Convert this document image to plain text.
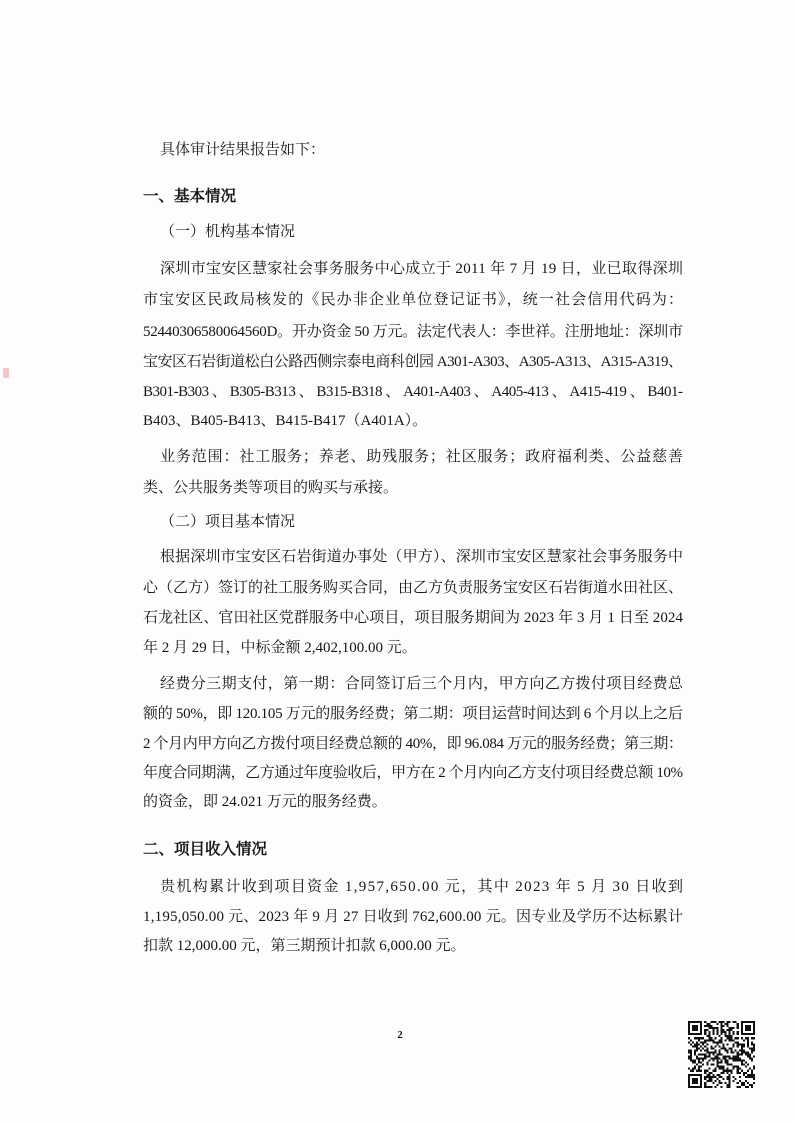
具体审计结果报告如下：
一、基本情况
（一）机构基本情况
深圳市宝安区慧家社会事务服务中心成立于 2011 年 7 月 19 日，业已取得深圳
市宝安区民政局核发的《民办非企业单位登记证书》，统一社会信用代码为：
52440306580064560D。开办资金 50 万元。法定代表人：李世祥。注册地址：深圳市
宝安区石岩街道松白公路西侧宗泰电商科创园 A301-A303、A305-A313、A315-A319、
B301-B303 、 B305-B313 、 B315-B318 、 A401-A403 、 A405-413 、 A415-419 、 B401-
B403、B405-B413、B415-B417（A401A）。
业务范围：社工服务；养老、助残服务；社区服务；政府福利类、公益慈善
类、公共服务类等项目的购买与承接。
（二）项目基本情况
根据深圳市宝安区石岩街道办事处（甲方）、深圳市宝安区慧家社会事务服务中
心（乙方）签订的社工服务购买合同，由乙方负责服务宝安区石岩街道水田社区、
石龙社区、官田社区党群服务中心项目，项目服务期间为 2023 年 3 月 1 日至 2024
年 2 月 29 日，中标金额 2,402,100.00 元。
经费分三期支付，第一期：合同签订后三个月内，甲方向乙方拨付项目经费总
额的 50%，即 120.105 万元的服务经费；第二期：项目运营时间达到 6 个月以上之后
2 个月内甲方向乙方拨付项目经费总额的 40%，即 96.084 万元的服务经费；第三期：
年度合同期满，乙方通过年度验收后，甲方在 2 个月内向乙方支付项目经费总额 10%
的资金，即 24.021 万元的服务经费。
二、项目收入情况
贵机构累计收到项目资金 1,957,650.00 元，其中 2023 年 5 月 30 日收到
1,195,050.00 元、2023 年 9 月 27 日收到 762,600.00 元。因专业及学历不达标累计
扣款 12,000.00 元，第三期预计扣款 6,000.00 元。
2
